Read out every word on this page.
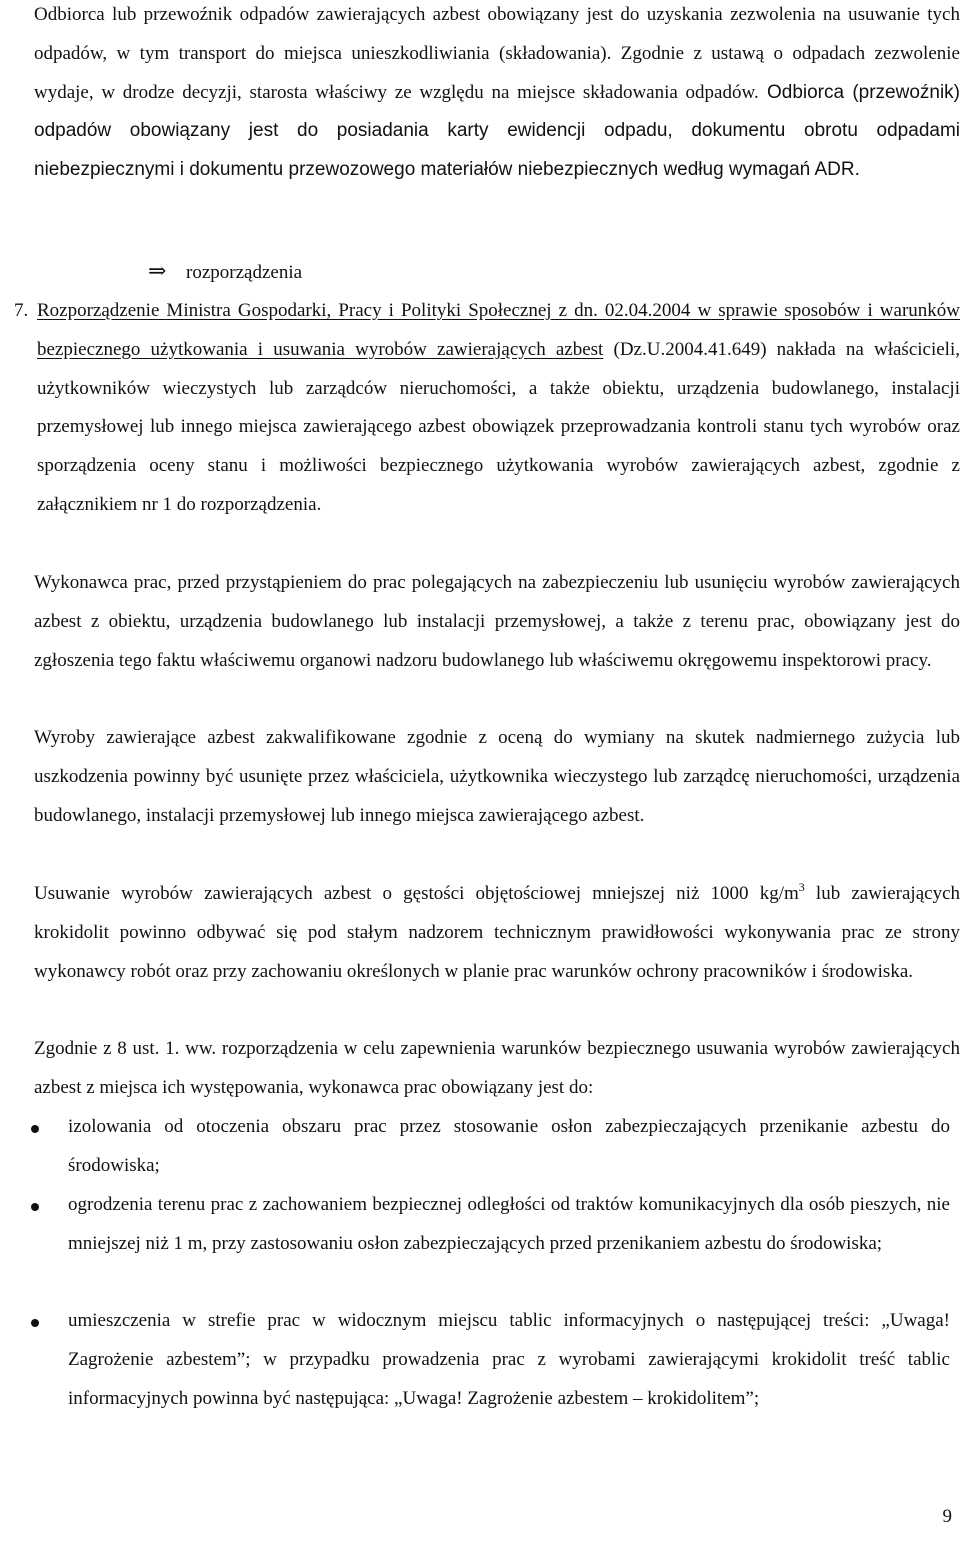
Odbiorca lub przewoźnik odpadów zawierających azbest obowiązany jest do uzyskania zezwolenia na usuwanie tych odpadów, w tym transport do miejsca unieszkodliwiania (składowania). Zgodnie z ustawą o odpadach zezwolenie wydaje, w drodze decyzji, starosta właściwy ze względu na miejsce składowania odpadów. Odbiorca (przewoźnik) odpadów obowiązany jest do posiadania karty ewidencji odpadu, dokumentu obrotu odpadami niebezpiecznymi i dokumentu przewozowego materiałów niebezpiecznych według wymagań ADR.

⇒ rozporządzenia
7. Rozporządzenie Ministra Gospodarki, Pracy i Polityki Społecznej z dn. 02.04.2004 w sprawie sposobów i warunków bezpiecznego użytkowania i usuwania wyrobów zawierających azbest (Dz.U.2004.41.649) nakłada na właścicieli, użytkowników wieczystych lub zarządców nieruchomości, a także obiektu, urządzenia budowlanego, instalacji przemysłowej lub innego miejsca zawierającego azbest obowiązek przeprowadzania kontroli stanu tych wyrobów oraz sporządzenia oceny stanu i możliwości bezpiecznego użytkowania wyrobów zawierających azbest, zgodnie z załącznikiem nr 1 do rozporządzenia.

Wykonawca prac, przed przystąpieniem do prac polegających na zabezpieczeniu lub usunięciu wyrobów zawierających azbest z obiektu, urządzenia budowlanego lub instalacji przemysłowej, a także z terenu prac, obowiązany jest do zgłoszenia tego faktu właściwemu organowi nadzoru budowlanego lub właściwemu okręgowemu inspektorowi pracy.

Wyroby zawierające azbest zakwalifikowane zgodnie z oceną do wymiany na skutek nadmiernego zużycia lub uszkodzenia powinny być usunięte przez właściciela, użytkownika wieczystego lub zarządcę nieruchomości, urządzenia budowlanego, instalacji przemysłowej lub innego miejsca zawierającego azbest.

Usuwanie wyrobów zawierających azbest o gęstości objętościowej mniejszej niż 1000 $kg/m^3$ lub zawierających krokidolit powinno odbywać się pod stałym nadzorem technicznym prawidłowości wykonywania prac ze strony wykonawcy robót oraz przy zachowaniu określonych w planie prac warunków ochrony pracowników i środowiska.

Zgodnie z 8 ust. 1. ww. rozporządzenia w celu zapewnienia warunków bezpiecznego usuwania wyrobów zawierających azbest z miejsca ich występowania, wykonawca prac obowiązany jest do:

izolowania od otoczenia obszaru prac przez stosowanie osłon zabezpieczających przenikanie azbestu do środowiska;

ogrodzenia terenu prac z zachowaniem bezpiecznej odległości od traktów komunikacyjnych dla osób pieszych, nie mniejszej niż 1 m, przy zastosowaniu osłon zabezpieczających przed przenikaniem azbestu do środowiska;

umieszczenia w strefie prac w widocznym miejscu tablic informacyjnych o następującej treści: „Uwaga! Zagrożenie azbestem”; w przypadku prowadzenia prac z wyrobami zawierającymi krokidolit treść tablic informacyjnych powinna być następująca: „Uwaga! Zagrożenie azbestem – krokidolitem”;

9
